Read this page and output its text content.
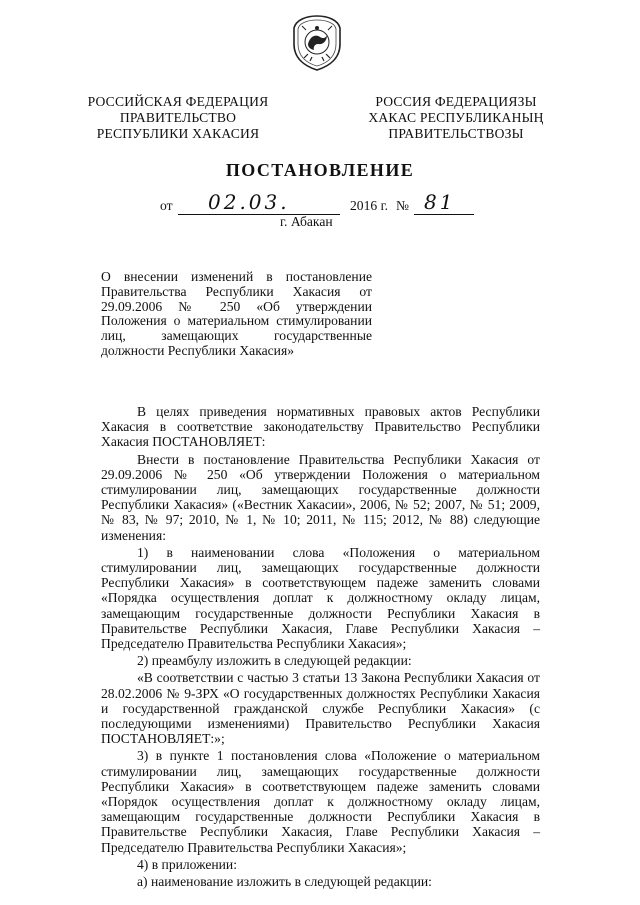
РОССИЙСКАЯ ФЕДЕРАЦИЯ
ПРАВИТЕЛЬСТВО
РЕСПУБЛИКИ ХАКАСИЯ
РОССИЯ ФЕДЕРАЦИЯЗЫ
ХАКАС РЕСПУБЛИКАНЫҢ
ПРАВИТЕЛЬСТВОЗЫ
ПОСТАНОВЛЕНИЕ
от 02.03.	2016 г. № 81
г. Абакан
О внесении изменений в постановление
Правительства Республики Хакасия от
29.09.2006 № 250 «Об утверждении
Положения о материальном стимулировании
лиц, замещающих государственные
должности Республики Хакасия»

В целях приведения нормативных правовых актов Республики Хакасия в соответствие законодательству Правительство Республики Хакасия ПОСТАНОВЛЯЕТ:

Внести в постановление Правительства Республики Хакасия от 29.09.2006 № 250 «Об утверждении Положения о материальном стимулировании лиц, замещающих государственные должности Республики Хакасия» («Вестник Хакасии», 2006, № 52; 2007, № 51; 2009, № 83, № 97; 2010, № 1, № 10; 2011, № 115; 2012, № 88) следующие изменения:

1) в наименовании слова «Положения о материальном стимулировании лиц, замещающих государственные должности Республики Хакасия» в соответствующем падеже заменить словами «Порядка осуществления доплат к должностному окладу лицам, замещающим государственные должности Республики Хакасия в Правительстве Республики Хакасия, Главе Республики Хакасия – Председателю Правительства Республики Хакасия»;

2) преамбулу изложить в следующей редакции:

«В соответствии с частью 3 статьи 13 Закона Республики Хакасия от 28.02.2006 № 9-ЗРХ «О государственных должностях Республики Хакасия и государственной гражданской службе Республики Хакасия» (с последующими изменениями) Правительство Республики Хакасия ПОСТАНОВЛЯЕТ:»;

3) в пункте 1 постановления слова «Положение о материальном стимулировании лиц, замещающих государственные должности Республики Хакасия» в соответствующем падеже заменить словами «Порядок осуществления доплат к должностному окладу лицам, замещающим государственные должности Республики Хакасия в Правительстве Республики Хакасия, Главе Республики Хакасия – Председателю Правительства Республики Хакасия»;

4) в приложении:

а) наименование изложить в следующей редакции:
